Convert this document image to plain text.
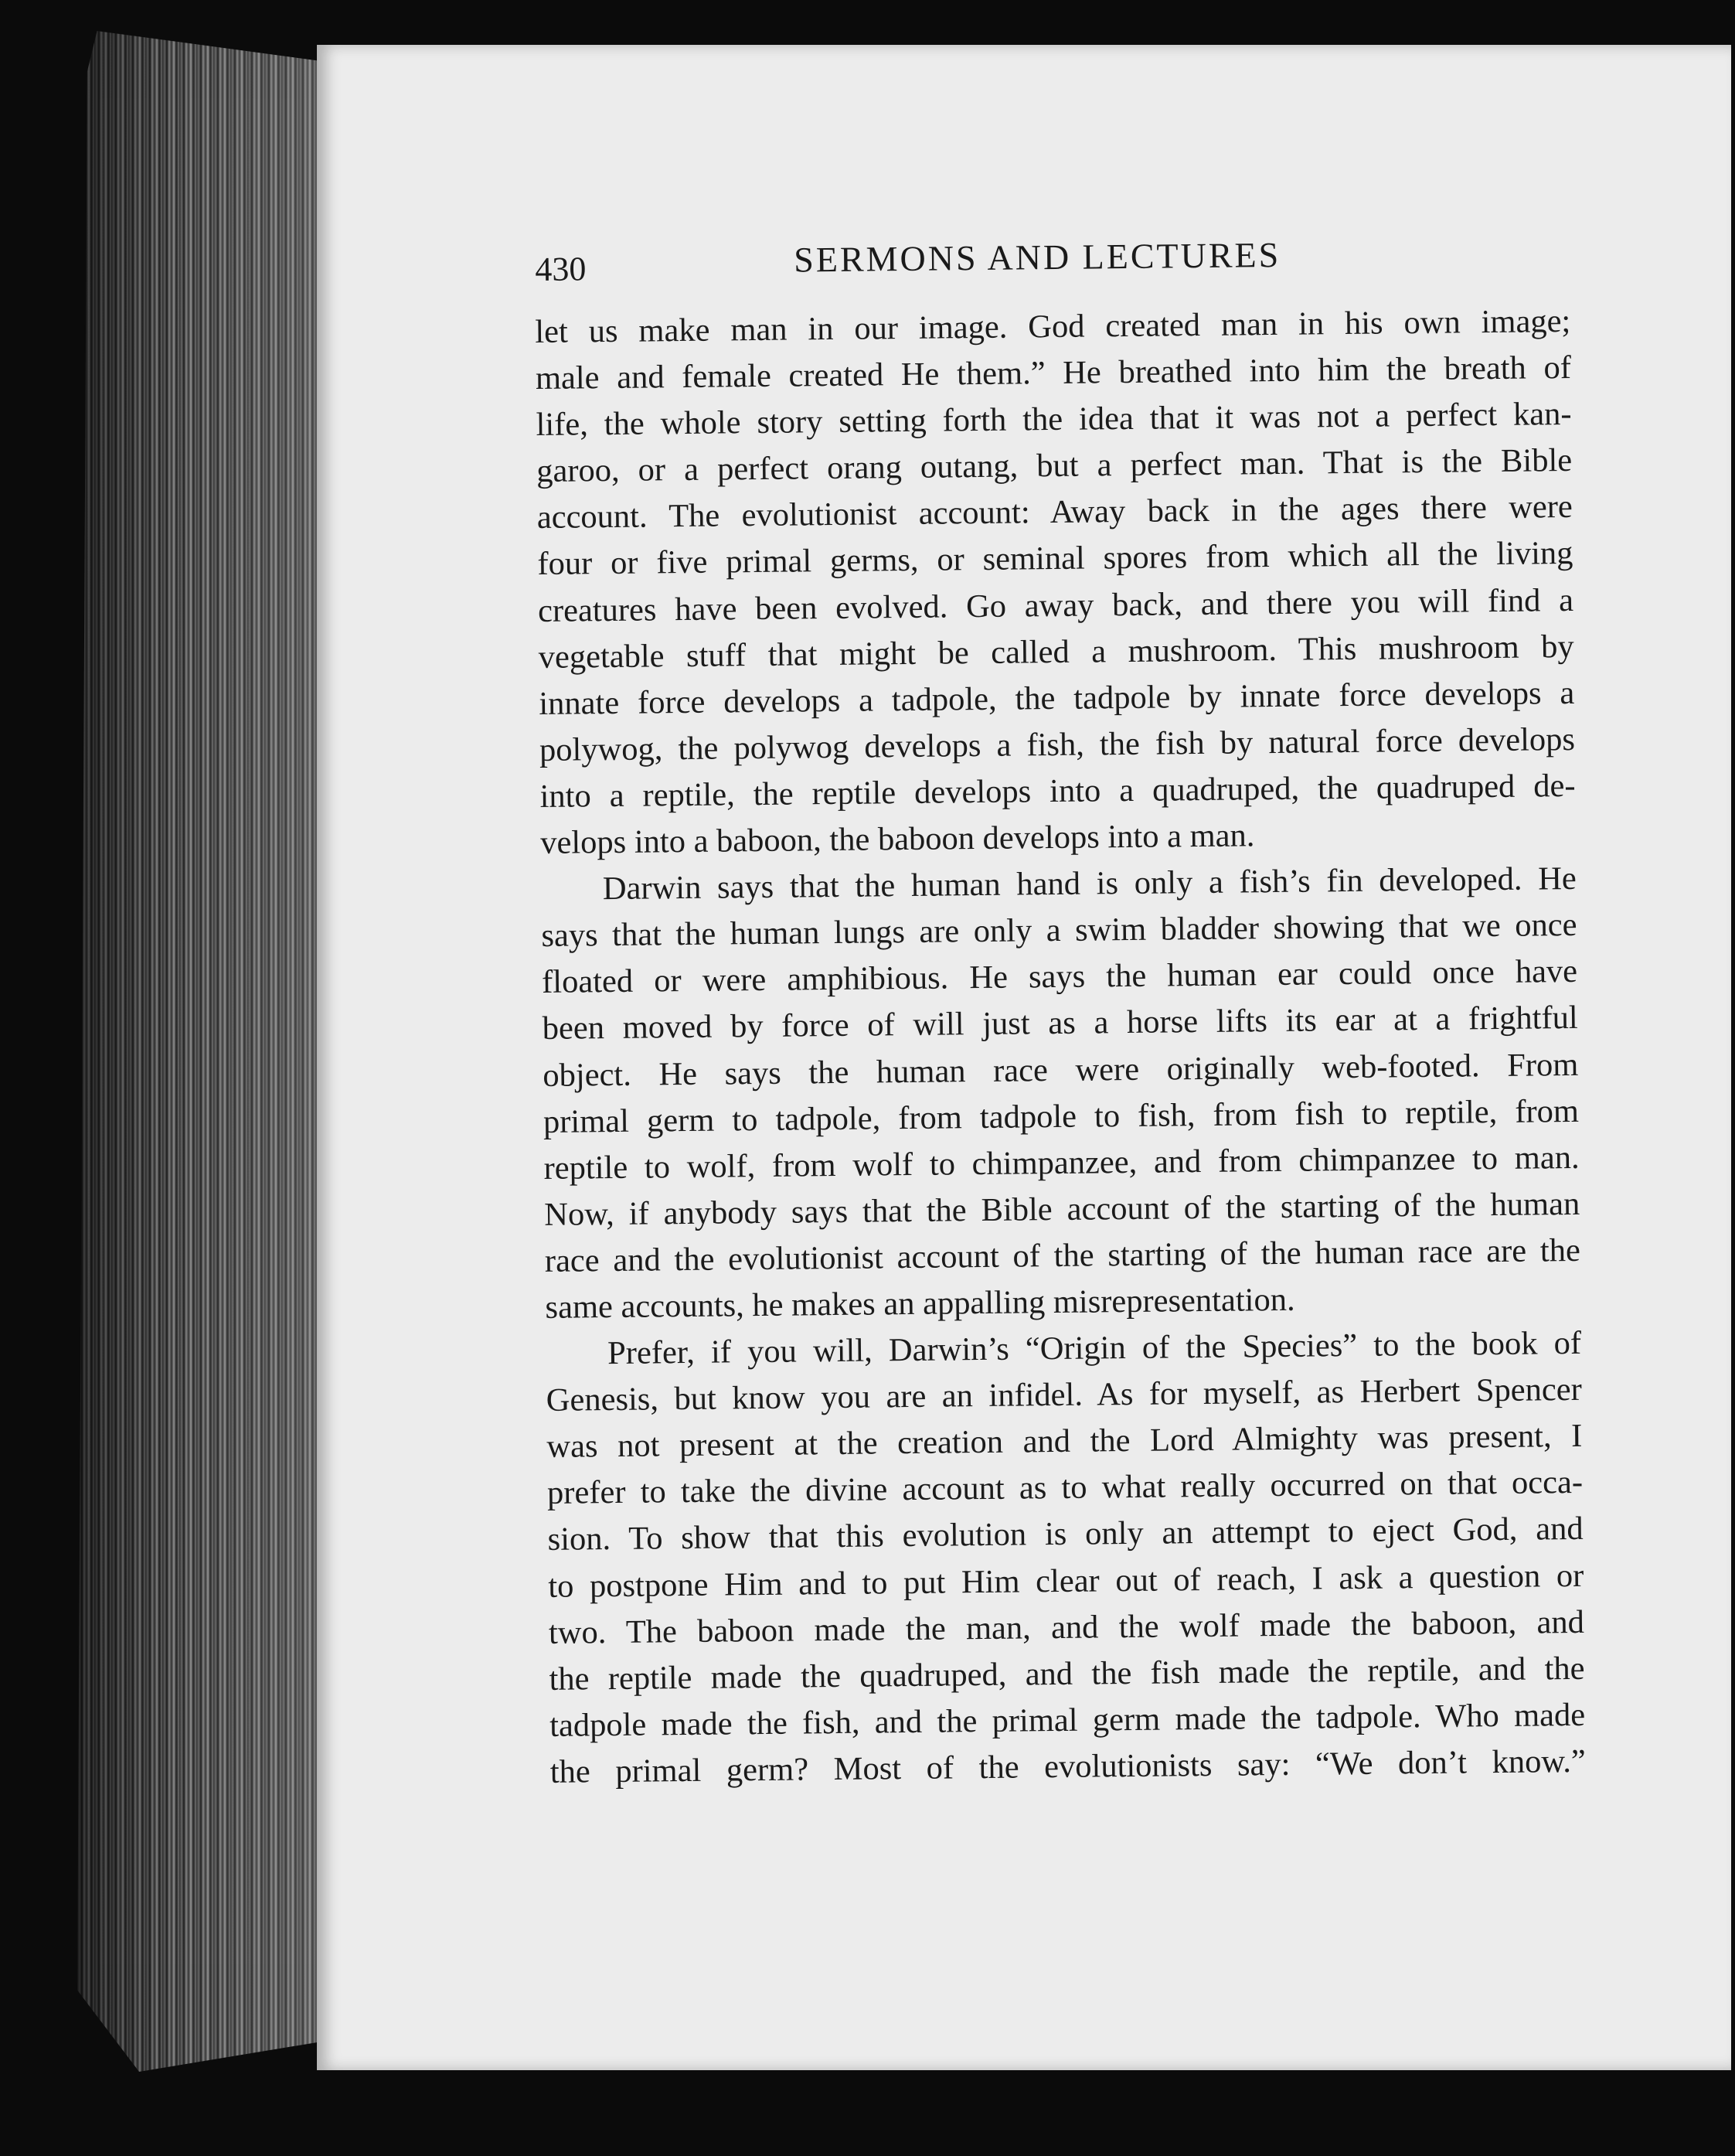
430	SERMONS AND LECTURES
let us make man in our image. God created man in his own image;
male and female created He them.” He breathed into him the breath of
life, the whole story setting forth the idea that it was not a perfect kan-
garoo, or a perfect orang outang, but a perfect man. That is the Bible
account. The evolutionist account: Away back in the ages there were
four or five primal germs, or seminal spores from which all the living
creatures have been evolved. Go away back, and there you will find a
vegetable stuff that might be called a mushroom. This mushroom by
innate force develops a tadpole, the tadpole by innate force develops a
polywog, the polywog develops a fish, the fish by natural force develops
into a reptile, the reptile develops into a quadruped, the quadruped de-
velops into a baboon, the baboon develops into a man.
Darwin says that the human hand is only a fish’s fin developed. He
says that the human lungs are only a swim bladder showing that we once
floated or were amphibious. He says the human ear could once have
been moved by force of will just as a horse lifts its ear at a frightful
object. He says the human race were originally web-footed. From
primal germ to tadpole, from tadpole to fish, from fish to reptile, from
reptile to wolf, from wolf to chimpanzee, and from chimpanzee to man.
Now, if anybody says that the Bible account of the starting of the human
race and the evolutionist account of the starting of the human race are the
same accounts, he makes an appalling misrepresentation.
Prefer, if you will, Darwin’s “Origin of the Species” to the book of
Genesis, but know you are an infidel. As for myself, as Herbert Spencer
was not present at the creation and the Lord Almighty was present, I
prefer to take the divine account as to what really occurred on that occa-
sion. To show that this evolution is only an attempt to eject God, and
to postpone Him and to put Him clear out of reach, I ask a question or
two. The baboon made the man, and the wolf made the baboon, and
the reptile made the quadruped, and the fish made the reptile, and the
tadpole made the fish, and the primal germ made the tadpole. Who made
the primal germ? Most of the evolutionists say: “We don’t know.”
